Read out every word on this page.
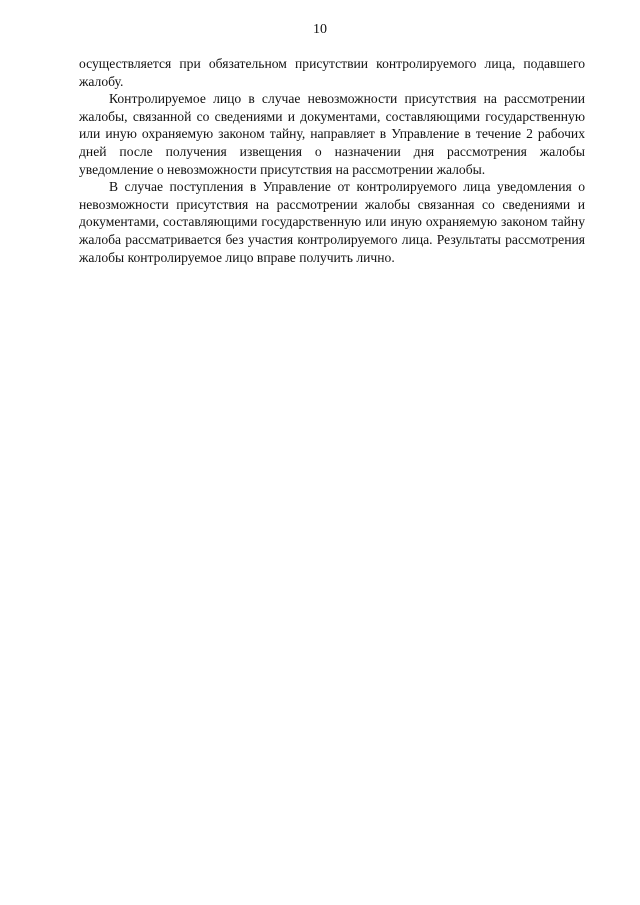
10

осуществляется при обязательном присутствии контролируемого лица, подавшего жалобу.

Контролируемое лицо в случае невозможности присутствия на рассмотрении жалобы, связанной со сведениями и документами, составляющими государственную или иную охраняемую законом тайну, направляет в Управление в течение 2 рабочих дней после получения извещения о назначении дня рассмотрения жалобы уведомление о невозможности присутствия на рассмотрении жалобы.

В случае поступления в Управление от контролируемого лица уведомления о невозможности присутствия на рассмотрении жалобы связанная со сведениями и документами, составляющими государственную или иную охраняемую законом тайну жалоба рассматривается без участия контролируемого лица. Результаты рассмотрения жалобы контролируемое лицо вправе получить лично.
